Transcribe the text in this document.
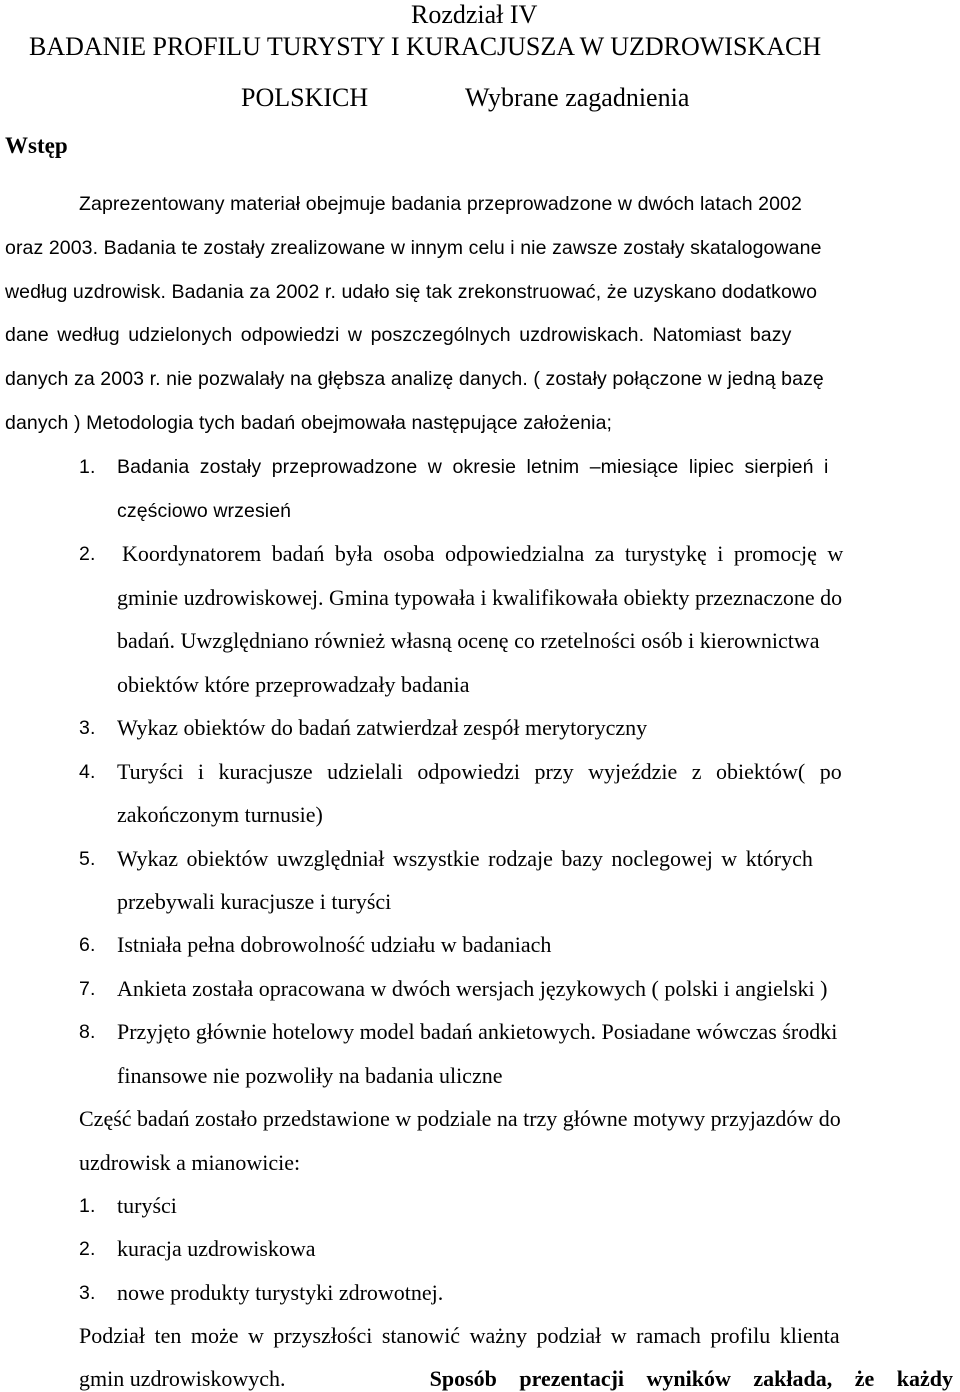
Rozdział IV
BADANIE PROFILU TURYSTY I KURACJUSZA W UZDROWISKACH
POLSKICH	Wybrane zagadnienia
Wstęp
Zaprezentowany materiał obejmuje badania przeprowadzone w dwóch latach 2002
oraz 2003. Badania te zostały zrealizowane w innym celu i nie zawsze zostały skatalogowane
według uzdrowisk. Badania za 2002 r. udało się tak zrekonstruować, że uzyskano dodatkowo
dane według udzielonych odpowiedzi w poszczególnych uzdrowiskach. Natomiast bazy
danych za 2003 r. nie pozwalały na głębsza analizę danych. ( zostały połączone w jedną bazę
danych ) Metodologia tych badań obejmowała następujące założenia;
1. Badania zostały przeprowadzone w okresie letnim –miesiące lipiec sierpień i
częściowo wrzesień
2. Koordynatorem badań była osoba odpowiedzialna za turystykę i promocję w
gminie uzdrowiskowej. Gmina typowała i kwalifikowała obiekty przeznaczone do
badań. Uwzględniano również własną ocenę co rzetelności osób i kierownictwa
obiektów które przeprowadzały badania
3. Wykaz obiektów do badań zatwierdzał zespół merytoryczny
4. Turyści i kuracjusze udzielali odpowiedzi przy wyjeździe z obiektów( po
zakończonym turnusie)
5. Wykaz obiektów uwzględniał wszystkie rodzaje bazy noclegowej w których
przebywali kuracjusze i turyści
6. Istniała pełna dobrowolność udziału w badaniach
7. Ankieta została opracowana w dwóch wersjach językowych ( polski i angielski )
8. Przyjęto głównie hotelowy model badań ankietowych. Posiadane wówczas środki
finansowe nie pozwoliły na badania uliczne
Część badań zostało przedstawione w podziale na trzy główne motywy przyjazdów do
uzdrowisk a mianowicie:
1. turyści
2. kuracja uzdrowiskowa
3. nowe produkty turystyki zdrowotnej.
Podział ten może w przyszłości stanowić ważny podział w ramach profilu klienta
gmin uzdrowiskowych.	Sposób prezentacji wyników zakłada, że każdy
